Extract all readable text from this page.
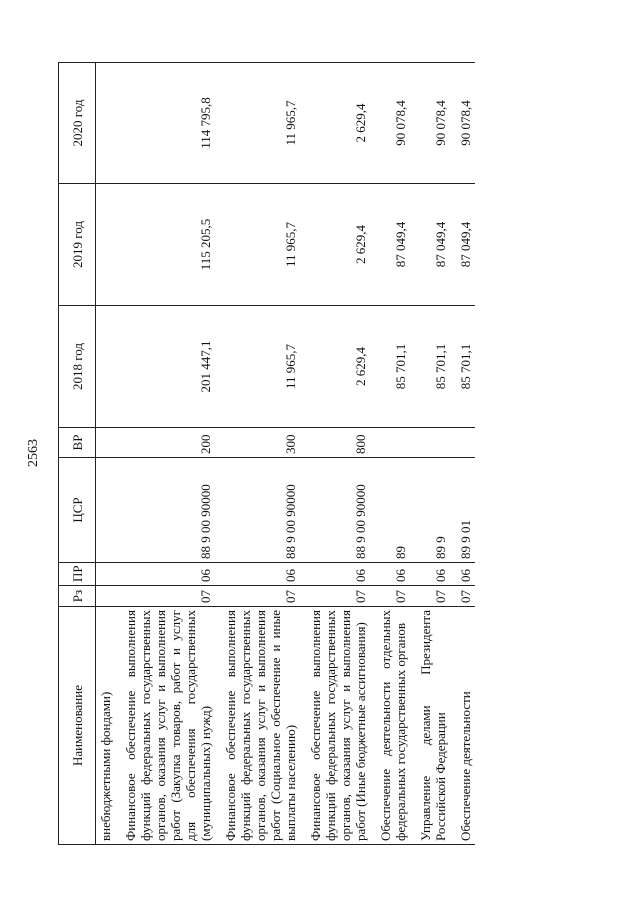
2563
Наименование	Рз	ПР	ЦСР	ВР	2018 год	2019 год	2020 год
внебюджетными фондами)							
Финансовое обеспечение выполнения функций федеральных государственных органов, оказания услуг и выполнения работ (Закупка товаров, работ и услуг для обеспечения государственных (муниципальных) нужд)	07	06	88 9 00 90000	200	201 447,1	115 205,5	114 795,8
Финансовое обеспечение выполнения функций федеральных государственных органов, оказания услуг и выполнения работ (Социальное обеспечение и иные выплаты населению)	07	06	88 9 00 90000	300	11 965,7	11 965,7	11 965,7
Финансовое обеспечение выполнения функций федеральных государственных органов, оказания услуг и выполнения работ (Иные бюджетные ассигнования)	07	06	88 9 00 90000	800	2 629,4	2 629,4	2 629,4
Обеспечение деятельности отдельных федеральных государственных органов	07	06	89		85 701,1	87 049,4	90 078,4
Управление делами Президента Российской Федерации	07	06	89 9		85 701,1	87 049,4	90 078,4
Обеспечение деятельности	07	06	89 9 01		85 701,1	87 049,4	90 078,4
